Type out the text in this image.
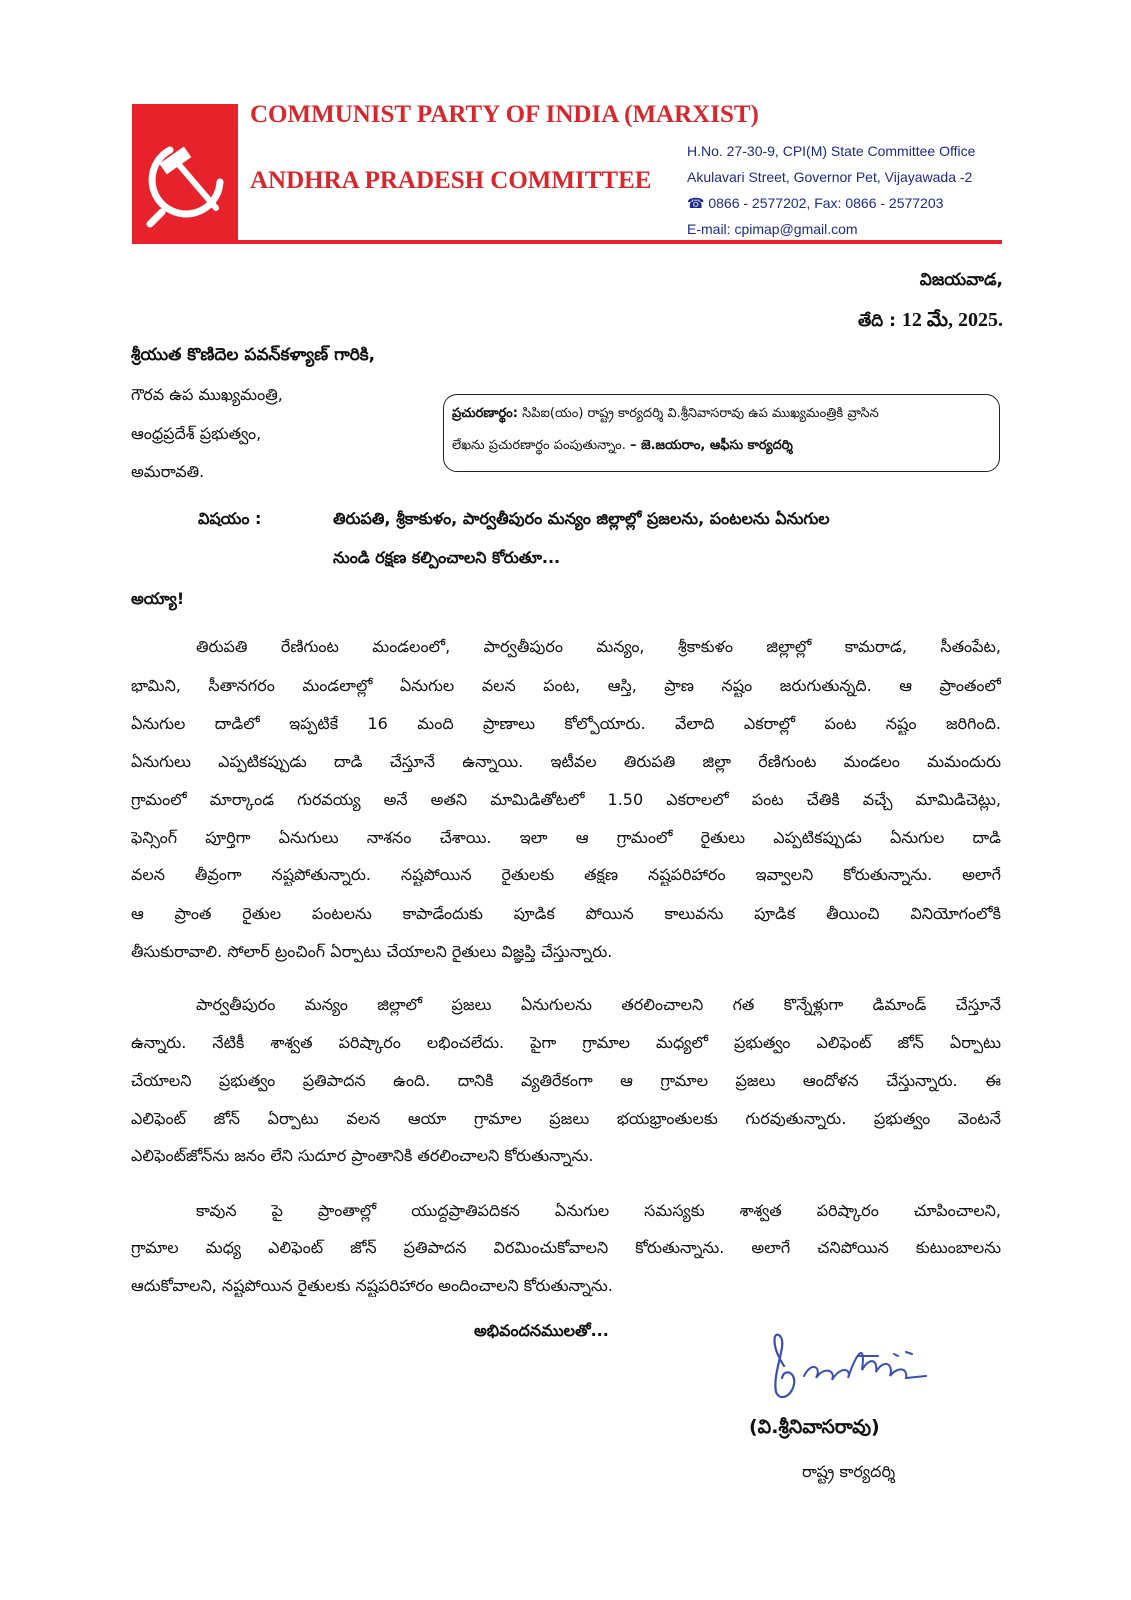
COMMUNIST PARTY OF INDIA (MARXIST)
ANDHRA PRADESH COMMITTEE
H.No. 27-30-9, CPI(M) State Committee Office
Akulavari Street, Governor Pet, Vijayawada -2
☎ 0866 - 2577202, Fax: 0866 - 2577203
E-mail: cpimap@gmail.com
విజయవాడ,
తేది : 12 మే, 2025.
శ్రీయుత కొణిదెల పవన్‌కళ్యాణ్ గారికి,
గౌరవ ఉప ముఖ్యమంత్రి,
ఆంధ్రప్రదేశ్ ప్రభుత్వం,
అమరావతి.
ప్రచురణార్థం: సిపిఐ(యం) రాష్ట్ర కార్యదర్శి వి.శ్రీనివాసరావు ఉప ముఖ్యమంత్రికి వ్రాసిన
లేఖను ప్రచురణార్థం పంపుతున్నాం. – జె.జయరాం, ఆఫీసు కార్యదర్శి
విషయం :	తిరుపతి, శ్రీకాకుళం, పార్వతీపురం మన్యం జిల్లాల్లో ప్రజలను, పంటలను ఏనుగుల
నుండి రక్షణ కల్పించాలని కోరుతూ...
అయ్యా!
తిరుపతి రేణిగుంట మండలంలో, పార్వతీపురం మన్యం, శ్రీకాకుళం జిల్లాల్లో కామరాడ, సీతంపేట,
భామిని, సీతానగరం మండలాల్లో ఏనుగుల వలన పంట, ఆస్తి, ప్రాణ నష్టం జరుగుతున్నది. ఆ ప్రాంతంలో
ఏనుగుల దాడిలో ఇప్పటికే 16 మంది ప్రాణాలు కోల్పోయారు. వేలాది ఎకరాల్లో పంట నష్టం జరిగింది.
ఏనుగులు ఎప్పటికప్పుడు దాడి చేస్తూనే ఉన్నాయి. ఇటీవల తిరుపతి జిల్లా రేణిగుంట మండలం మమందురు
గ్రామంలో మార్కాండ గురవయ్య అనే అతని మామిడితోటలో 1.50 ఎకరాలలో పంట చేతికి వచ్చే మామిడిచెట్లు,
ఫెన్సింగ్ పూర్తిగా ఏనుగులు నాశనం చేశాయి. ఇలా ఆ గ్రామంలో రైతులు ఎప్పటికప్పుడు ఏనుగుల దాడి
వలన తీవ్రంగా నష్టపోతున్నారు. నష్టపోయిన రైతులకు తక్షణ నష్టపరిహారం ఇవ్వాలని కోరుతున్నాను. అలాగే
ఆ ప్రాంత రైతుల పంటలను కాపాడేందుకు పూడిక పోయిన కాలువను పూడిక తీయించి వినియోగంలోకి
తీసుకురావాలి. సోలార్ ట్రంచింగ్ ఏర్పాటు చేయాలని రైతులు విజ్ఞప్తి చేస్తున్నారు.
పార్వతీపురం మన్యం జిల్లాలో ప్రజలు ఏనుగులను తరలించాలని గత కొన్నేళ్లుగా డిమాండ్ చేస్తూనే
ఉన్నారు. నేటికీ శాశ్వత పరిష్కారం లభించలేదు. పైగా గ్రామాల మధ్యలో ప్రభుత్వం ఎలిఫెంట్ జోన్ ఏర్పాటు
చేయాలని ప్రభుత్వం ప్రతిపాదన ఉంది. దానికి వ్యతిరేకంగా ఆ గ్రామాల ప్రజలు ఆందోళన చేస్తున్నారు. ఈ
ఎలిఫెంట్ జోన్ ఏర్పాటు వలన ఆయా గ్రామాల ప్రజలు భయభ్రాంతులకు గురవుతున్నారు. ప్రభుత్వం వెంటనే
ఎలిఫెంట్‌జోన్‌ను జనం లేని సుదూర ప్రాంతానికి తరలించాలని కోరుతున్నాను.
కావున పై ప్రాంతాల్లో యుద్ధప్రాతిపదికన ఏనుగుల సమస్యకు శాశ్వత పరిష్కారం చూపించాలని,
గ్రామాల మధ్య ఎలిఫెంట్ జోన్ ప్రతిపాదన విరమించుకోవాలని కోరుతున్నాను. అలాగే చనిపోయిన కుటుంబాలను
ఆదుకోవాలని, నష్టపోయిన రైతులకు నష్టపరిహారం అందించాలని కోరుతున్నాను.
అభివందనములతో...
(వి.శ్రీనివాసరావు)
రాష్ట్ర కార్యదర్శి
